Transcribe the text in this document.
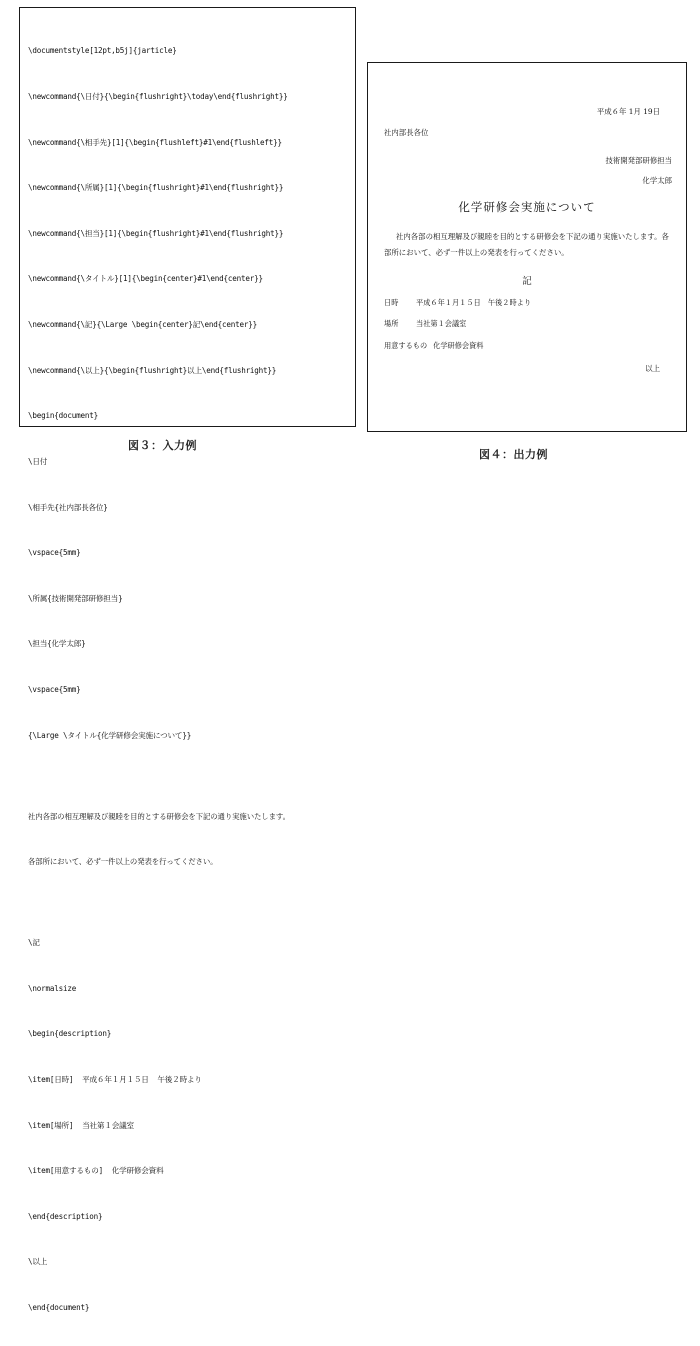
\documentstyle[12pt,b5j]{jarticle}

\newcommand{\日付}{\begin{flushright}\today\end{flushright}}

\newcommand{\相手先}[1]{\begin{flushleft}#1\end{flushleft}}

\newcommand{\所属}[1]{\begin{flushright}#1\end{flushright}}

\newcommand{\担当}[1]{\begin{flushright}#1\end{flushright}}

\newcommand{\タイトル}[1]{\begin{center}#1\end{center}}

\newcommand{\記}{\Large \begin{center}記\end{center}}

\newcommand{\以上}{\begin{flushright}以上\end{flushright}}

\begin{document}

\日付

\相手先{社内部長各位}

\vspace{5mm}

\所属{技術開発部研修担当}

\担当{化学太郎}

\vspace{5mm}

{\Large \タイトル{化学研修会実施について}}

社内各部の相互理解及び親睦を目的とする研修会を下記の通り実施いたします。

各部所において、必ず一件以上の発表を行ってください。

\記

\normalsize

\begin{description}

\item[日時]  平成６年１月１５日  午後２時より

\item[場所]  当社第１会議室

\item[用意するもの]  化学研修会資料

\end{description}

\以上

\end{document}

平成６年 1月 19日
社内部長各位
技術開発部研修担当
化学太郎
化学研修会実施について
社内各部の相互理解及び親睦を目的とする研修会を下記の通り実施いたします。各部所において、必ず一件以上の発表を行ってください。
記
日時 平成６年１月１５日　午後２時より
場所 当社第１会議室
用意するもの 化学研修会資料
以上
図３：入力例
図４：出力例
